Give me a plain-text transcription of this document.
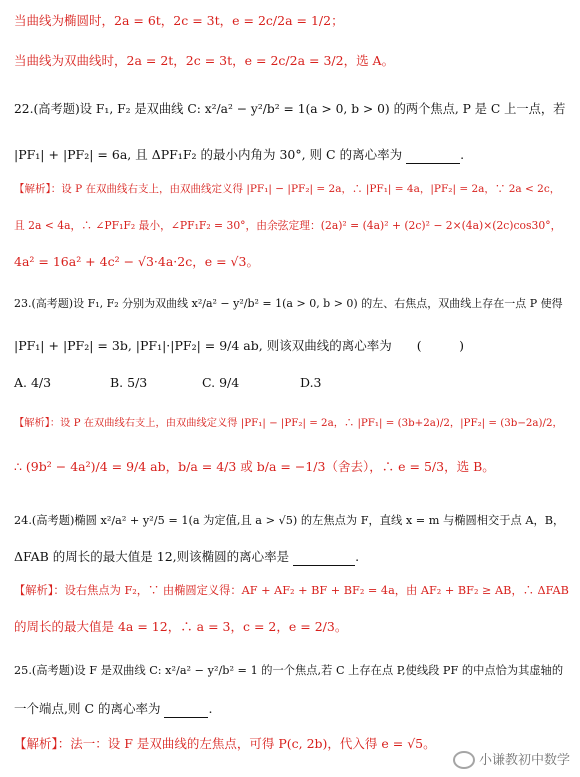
当曲线为椭圆时，2a = 6t，2c = 3t，e = 2c/2a = 1/2；
当曲线为双曲线时，2a = 2t，2c = 3t，e = 2c/2a = 3/2，选 A。
22.(高考题)设 F₁, F₂ 是双曲线 C: x²/a² − y²/b² = 1(a > 0, b > 0) 的两个焦点, P 是 C 上一点，若
|PF₁| + |PF₂| = 6a, 且 ΔPF₁F₂ 的最小内角为 30°, 则 C 的离心率为	.
【解析】：设 P 在双曲线右支上，由双曲线定义得 |PF₁| − |PF₂| = 2a，∴ |PF₁| = 4a，|PF₂| = 2a，∵ 2a < 2c，
且 2a < 4a，∴ ∠PF₁F₂ 最小，∠PF₁F₂ = 30°，由余弦定理：(2a)² = (4a)² + (2c)² − 2×(4a)×(2c)cos30°，
4a² = 16a² + 4c² − √3·4a·2c，e = √3。
23.(高考题)设 F₁, F₂ 分别为双曲线 x²/a² − y²/b² = 1(a > 0, b > 0) 的左、右焦点，双曲线上存在一点 P 使得
|PF₁| + |PF₂| = 3b, |PF₁|·|PF₂| = 9/4 ab, 则该双曲线的离心率为　　(　　　)
A. 4/3	B. 5/3	C. 9/4	D.3
【解析】：设 P 在双曲线右支上，由双曲线定义得 |PF₁| − |PF₂| = 2a，∴ |PF₁| = (3b+2a)/2，|PF₂| = (3b−2a)/2，
∴ (9b² − 4a²)/4 = 9/4 ab，b/a = 4/3 或 b/a = −1/3（舍去），∴ e = 5/3，选 B。
24.(高考题)椭圆 x²/a² + y²/5 = 1(a 为定值,且 a > √5) 的左焦点为 F，直线 x = m 与椭圆相交于点 A，B，
ΔFAB 的周长的最大值是 12,则该椭圆的离心率是	.
【解析】：设右焦点为 F₂，∵ 由椭圆定义得：AF + AF₂ + BF + BF₂ = 4a，由 AF₂ + BF₂ ≥ AB，∴ ΔFAB
的周长的最大值是 4a = 12，∴ a = 3，c = 2，e = 2/3。
25.(高考题)设 F 是双曲线 C: x²/a² − y²/b² = 1 的一个焦点,若 C 上存在点 P,使线段 PF 的中点恰为其虚轴的
一个端点,则 C 的离心率为	.
【解析】：法一：设 F 是双曲线的左焦点，可得 P(c, 2b)，代入得 e = √5。
小谦教初中数学
